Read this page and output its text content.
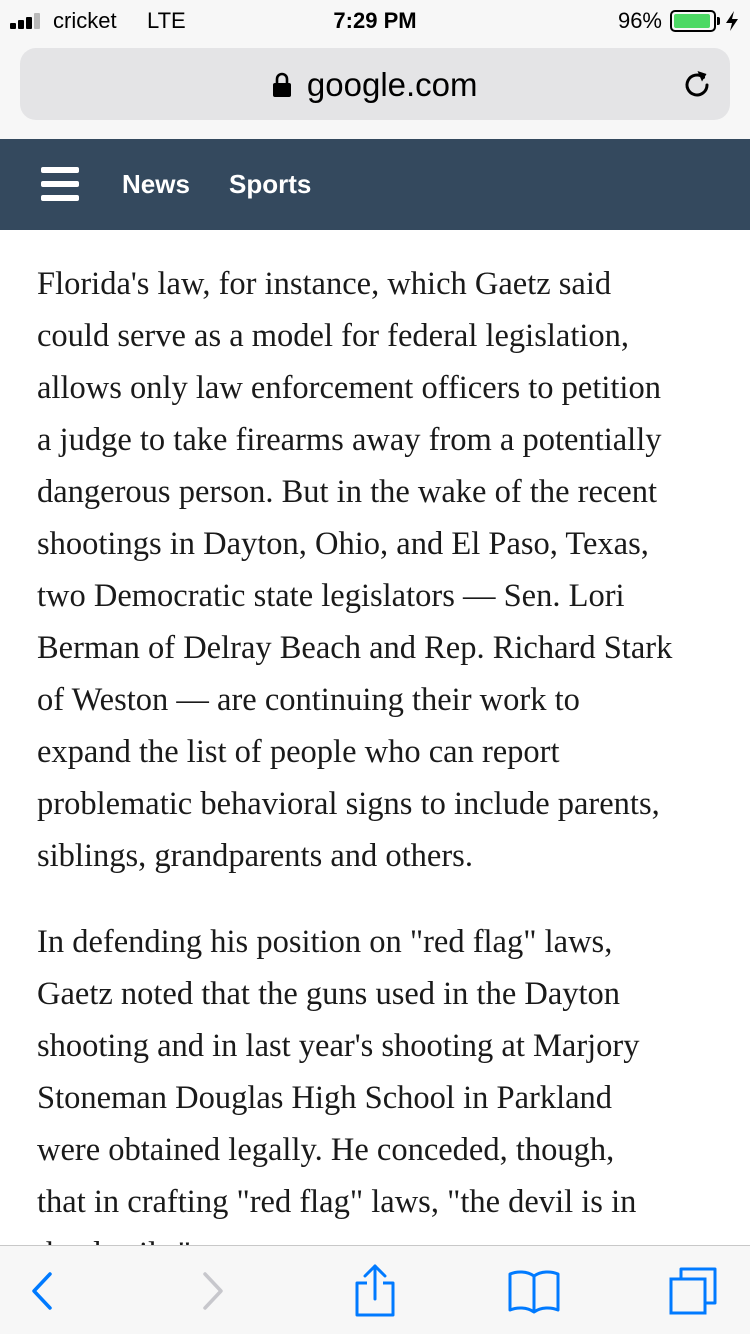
cricket LTE	7:29 PM	96%
google.com
News Sports

Florida's law, for instance, which Gaetz said
could serve as a model for federal legislation,
allows only law enforcement officers to petition
a judge to take firearms away from a potentially
dangerous person. But in the wake of the recent
shootings in Dayton, Ohio, and El Paso, Texas,
two Democratic state legislators — Sen. Lori
Berman of Delray Beach and Rep. Richard Stark
of Weston — are continuing their work to
expand the list of people who can report
problematic behavioral signs to include parents,
siblings, grandparents and others.

In defending his position on "red flag" laws,
Gaetz noted that the guns used in the Dayton
shooting and in last year's shooting at Marjory
Stoneman Douglas High School in Parkland
were obtained legally. He conceded, though,
that in crafting "red flag" laws, "the devil is in
